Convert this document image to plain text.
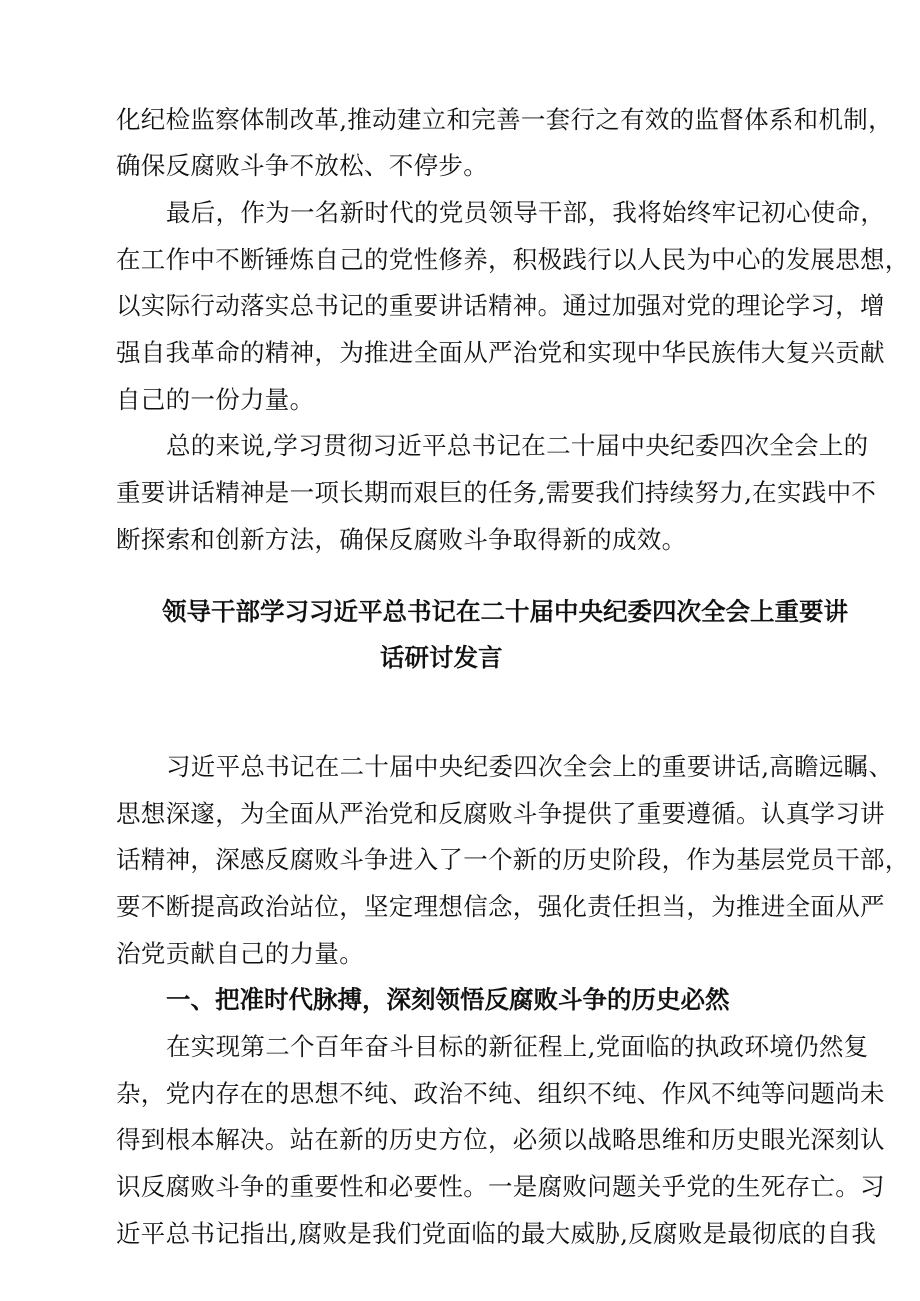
化纪检监察体制改革,推动建立和完善一套行之有效的监督体系和机制，
确保反腐败斗争不放松、不停步。
最后，作为一名新时代的党员领导干部，我将始终牢记初心使命，
在工作中不断锤炼自己的党性修养，积极践行以人民为中心的发展思想，
以实际行动落实总书记的重要讲话精神。通过加强对党的理论学习，增
强自我革命的精神，为推进全面从严治党和实现中华民族伟大复兴贡献
自己的一份力量。
总的来说,学习贯彻习近平总书记在二十届中央纪委四次全会上的
重要讲话精神是一项长期而艰巨的任务,需要我们持续努力,在实践中不
断探索和创新方法，确保反腐败斗争取得新的成效。
领导干部学习习近平总书记在二十届中央纪委四次全会上重要讲
话研讨发言
习近平总书记在二十届中央纪委四次全会上的重要讲话,高瞻远瞩、
思想深邃，为全面从严治党和反腐败斗争提供了重要遵循。认真学习讲
话精神，深感反腐败斗争进入了一个新的历史阶段，作为基层党员干部，
要不断提高政治站位，坚定理想信念，强化责任担当，为推进全面从严
治党贡献自己的力量。
一、把准时代脉搏，深刻领悟反腐败斗争的历史必然
在实现第二个百年奋斗目标的新征程上,党面临的执政环境仍然复
杂，党内存在的思想不纯、政治不纯、组织不纯、作风不纯等问题尚未
得到根本解决。站在新的历史方位，必须以战略思维和历史眼光深刻认
识反腐败斗争的重要性和必要性。一是腐败问题关乎党的生死存亡。习
近平总书记指出,腐败是我们党面临的最大威胁,反腐败是最彻底的自我
